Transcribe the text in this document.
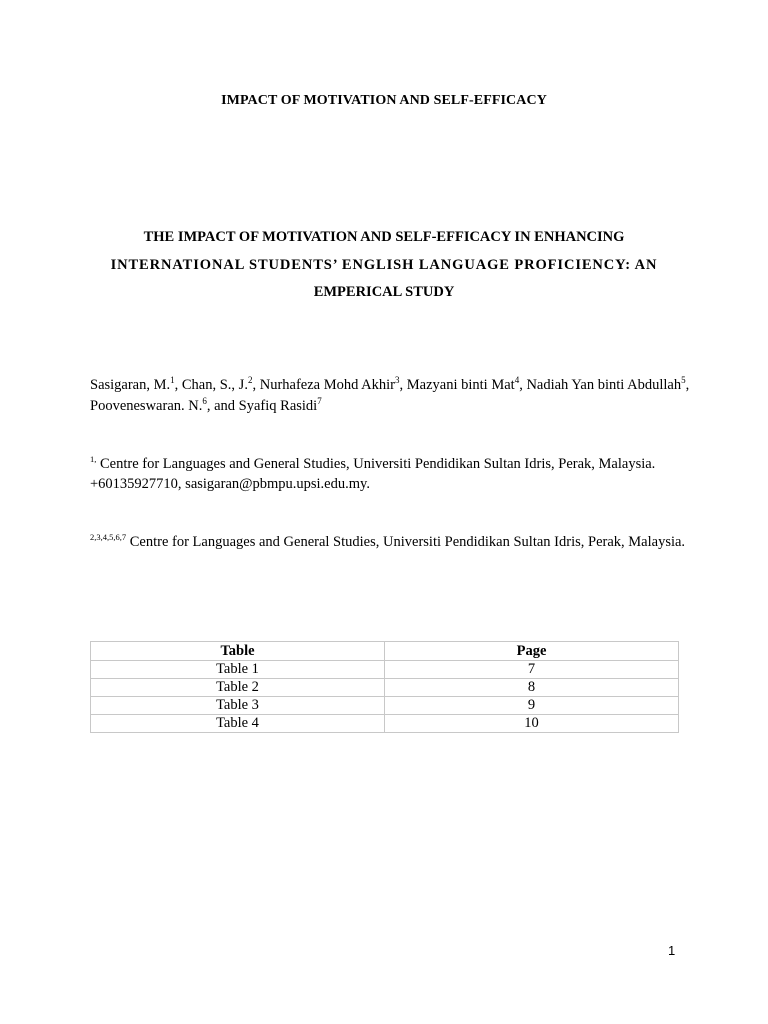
IMPACT OF MOTIVATION AND SELF-EFFICACY
THE IMPACT OF MOTIVATION AND SELF-EFFICACY IN ENHANCING
INTERNATIONAL STUDENTS’ ENGLISH LANGUAGE PROFICIENCY: AN
EMPERICAL STUDY
Sasigaran, M.$^1$, Chan, S., J.$^2$, Nurhafeza Mohd Akhir$^3$, Mazyani binti Mat$^4$, Nadiah Yan binti Abdullah$^5$, Pooveneswaran. N.$^6$, and Syafiq Rasidi$^7$
$^{1,}$ Centre for Languages and General Studies, Universiti Pendidikan Sultan Idris, Perak, Malaysia. +60135927710, sasigaran@pbmpu.upsi.edu.my.
$^{2,3,4,5,6,7}$ Centre for Languages and General Studies, Universiti Pendidikan Sultan Idris, Perak, Malaysia.
Table	Page
Table 1	7
Table 2	8
Table 3	9
Table 4	10
1
